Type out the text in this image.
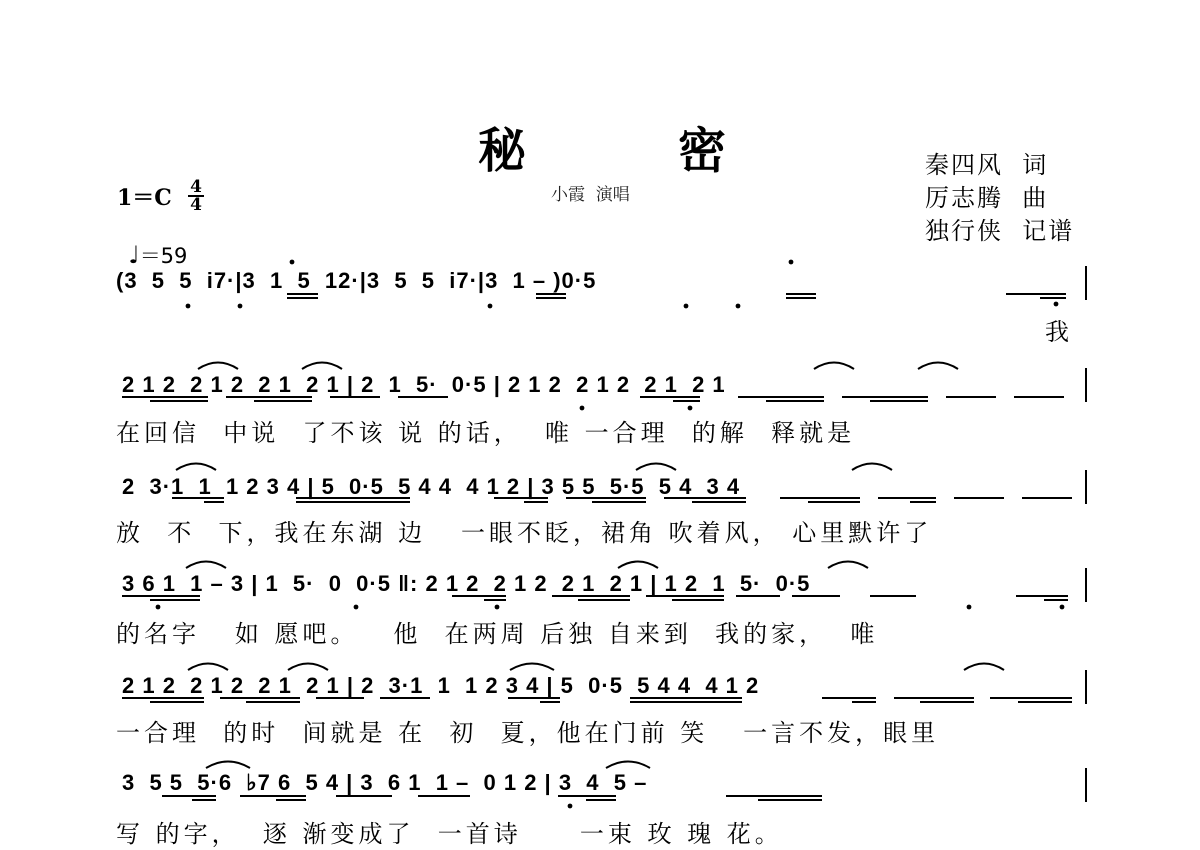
秘　　　密
小霞  演唱
秦四风  词
厉志腾  曲
独行侠  记谱
$1=C \frac{4}{4}$

♩＝59

(3  5  5  i7·|3  1  5  12·|3  5  5  i7·|3  1 – )0·5
我
2 1 2  2 1 2  2 1  2 1 | 2  1  5·  0·5 | 2 1 2  2 1 2  2 1  2 1
在回信  中说  了不该 说 的话，  唯 一合理  的解  释就是
2  3·1  1  1 2 3 4 | 5  0·5  5 4 4  4 1 2 | 3 5 5  5·5  5 4  3 4
放  不  下，我在东湖 边   一眼不眨，裙角 吹着风， 心里默许了
3 6 1  1 – 3 | 1  5·  0  0·5 ‖: 2 1 2  2 1 2  2 1  2 1 | 1 2  1  5·  0·5
的名字   如 愿吧。   他  在两周 后独 自来到  我的家，  唯
2 1 2  2 1 2  2 1  2 1 | 2  3·1  1  1 2 3 4 | 5  0·5  5 4 4  4 1 2
一合理  的时  间就是 在  初  夏，他在门前 笑   一言不发，眼里
3  5 5  5·6  ♭7 6  5 4 | 3  6 1  1 –  0 1 2 | 3  4  5 –
写 的字，  逐 渐变成了  一首诗     一束 玫 瑰 花。
